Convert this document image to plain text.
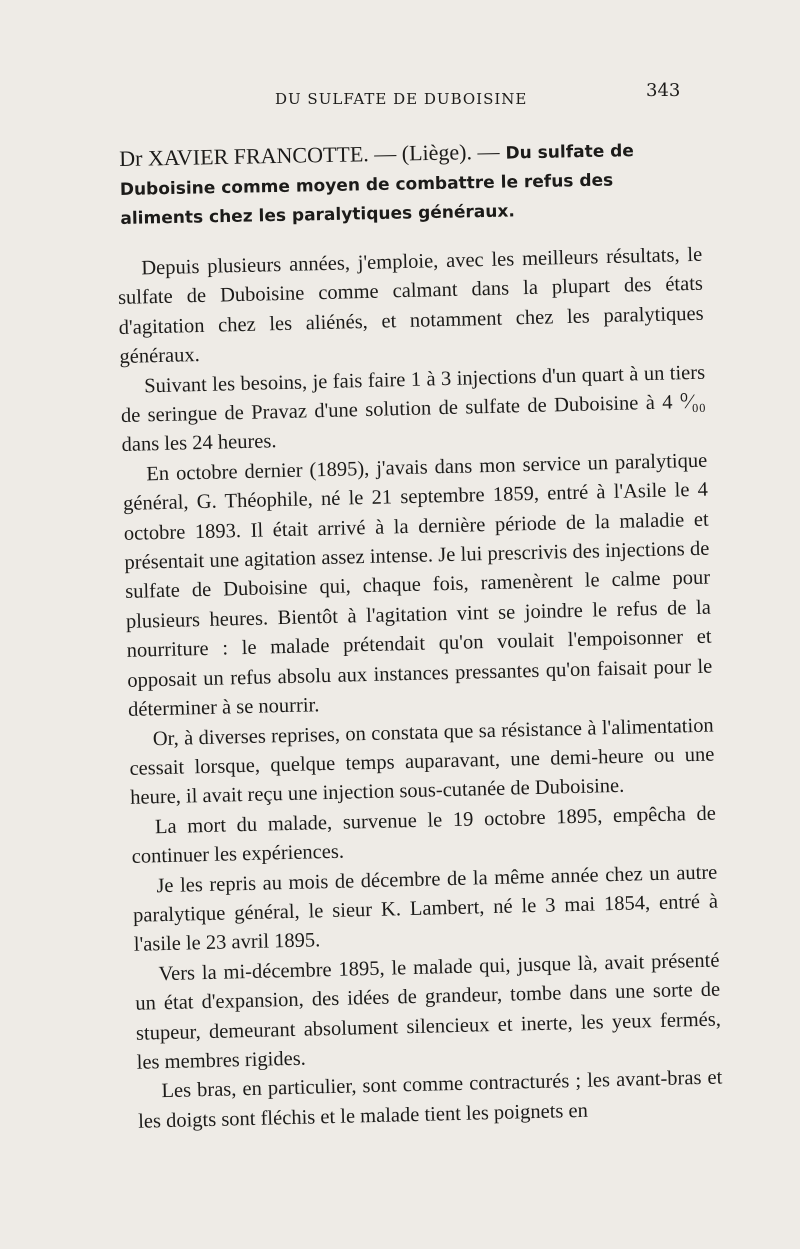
DU SULFATE DE DUBOISINE	343

Dr XAVIER FRANCOTTE. — (Liège). — Du sulfate de Duboisine comme moyen de combattre le refus des aliments chez les paralytiques généraux.

Depuis plusieurs années, j'emploie, avec les meilleurs résultats, le sulfate de Duboisine comme calmant dans la plupart des états d'agitation chez les aliénés, et notamment chez les paralytiques généraux.

Suivant les besoins, je fais faire 1 à 3 injections d'un quart à un tiers de seringue de Pravaz d'une solution de sulfate de Duboisine à 4 ⁰⁄₀₀ dans les 24 heures.

En octobre dernier (1895), j'avais dans mon service un paralytique général, G. Théophile, né le 21 septembre 1859, entré à l'Asile le 4 octobre 1893. Il était arrivé à la dernière période de la maladie et présentait une agitation assez intense. Je lui prescrivis des injections de sulfate de Duboisine qui, chaque fois, ramenèrent le calme pour plusieurs heures. Bientôt à l'agitation vint se joindre le refus de la nourriture : le malade prétendait qu'on voulait l'empoisonner et opposait un refus absolu aux instances pressantes qu'on faisait pour le déterminer à se nourrir.

Or, à diverses reprises, on constata que sa résistance à l'alimentation cessait lorsque, quelque temps auparavant, une demi-heure ou une heure, il avait reçu une injection sous-cutanée de Duboisine.

La mort du malade, survenue le 19 octobre 1895, empêcha de continuer les expériences.

Je les repris au mois de décembre de la même année chez un autre paralytique général, le sieur K. Lambert, né le 3 mai 1854, entré à l'asile le 23 avril 1895.

Vers la mi-décembre 1895, le malade qui, jusque là, avait présenté un état d'expansion, des idées de grandeur, tombe dans une sorte de stupeur, demeurant absolument silencieux et inerte, les yeux fermés, les membres rigides.

Les bras, en particulier, sont comme contracturés ; les avant-bras et les doigts sont fléchis et le malade tient les poignets en
